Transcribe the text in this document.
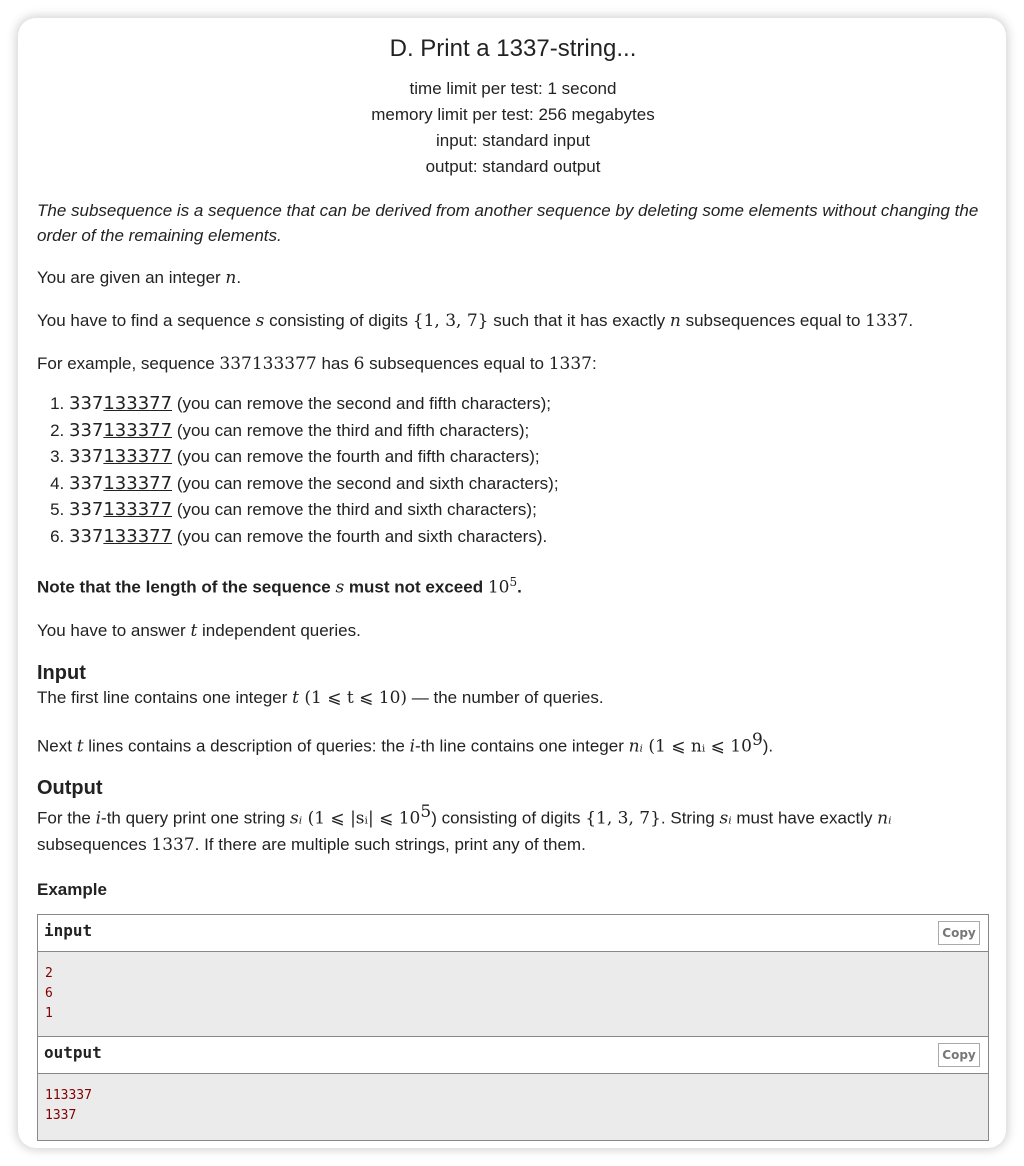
D. Print a 1337-string...
time limit per test: 1 second
memory limit per test: 256 megabytes
input: standard input
output: standard output

The subsequence is a sequence that can be derived from another sequence by deleting some elements without changing the order of the remaining elements.

You are given an integer n.

You have to find a sequence s consisting of digits {1, 3, 7} such that it has exactly n subsequences equal to 1337.

For example, sequence 337133377 has 6 subsequences equal to 1337:

1. 337133377 (you can remove the second and fifth characters);
2. 337133377 (you can remove the third and fifth characters);
3. 337133377 (you can remove the fourth and fifth characters);
4. 337133377 (you can remove the second and sixth characters);
5. 337133377 (you can remove the third and sixth characters);
6. 337133377 (you can remove the fourth and sixth characters).

Note that the length of the sequence s must not exceed $10^5$.

You have to answer t independent queries.

Input

The first line contains one integer t (1 ⩽ t ⩽ 10) — the number of queries.

Next t lines contains a description of queries: the i-th line contains one integer nᵢ (1 ⩽ nᵢ ⩽ $10^9$).

Output

For the i-th query print one string sᵢ (1 ⩽ |sᵢ| ⩽ $10^5$) consisting of digits {1, 3, 7}. String sᵢ must have exactly nᵢ subsequences 1337. If there are multiple such strings, print any of them.

Example
input	Copy
2
6
1
output	Copy
113337
1337
